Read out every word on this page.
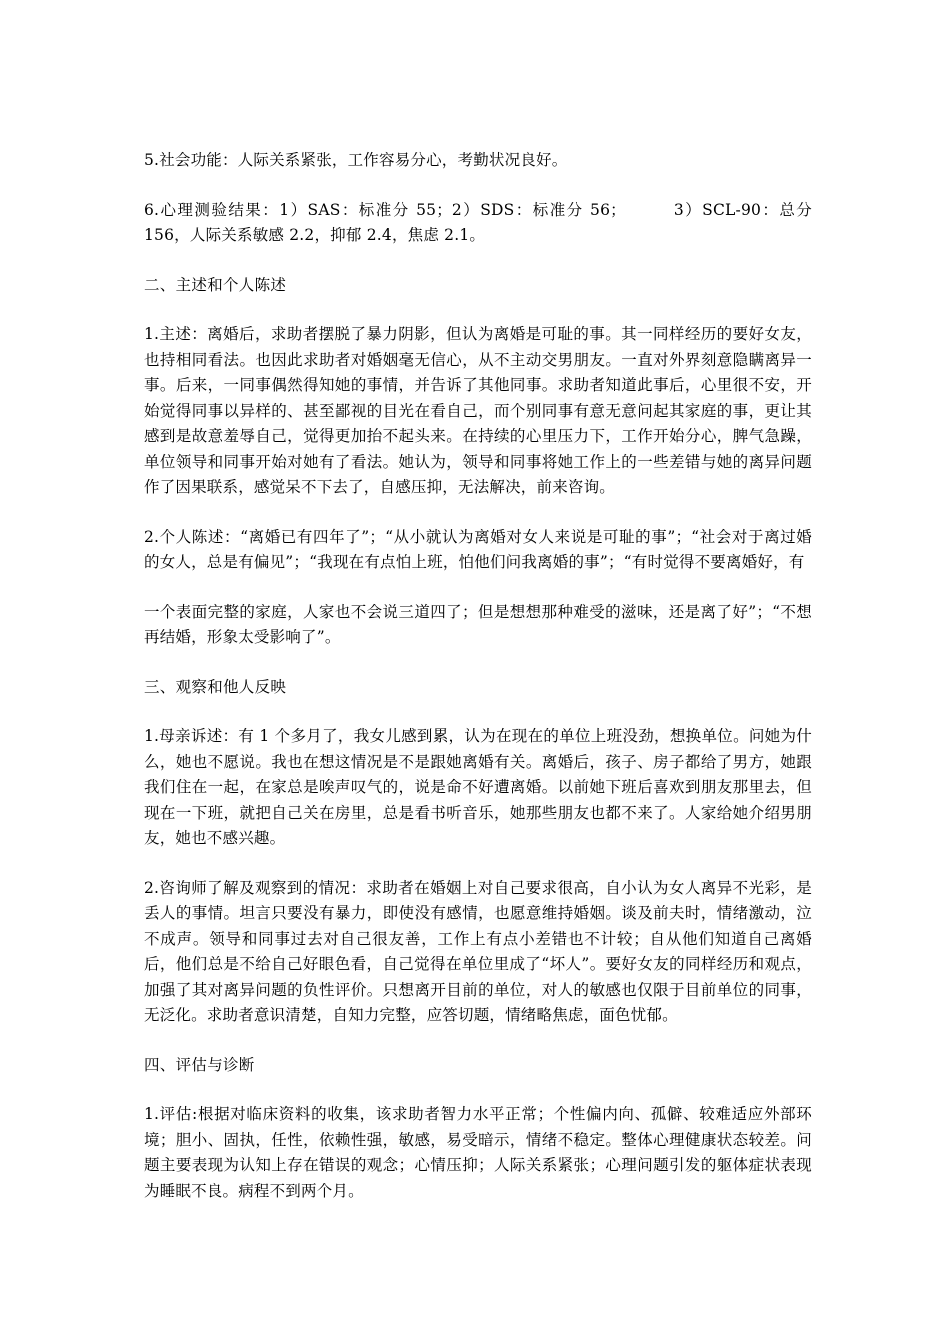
5.社会功能：人际关系紧张，工作容易分心，考勤状况良好。

6.心理测验结果：1）SAS：标准分 55；2）SDS：标准分 56；	3）SCL-90：总分 156，人际关系敏感 2.2，抑郁 2.4，焦虑 2.1。

二、主述和个人陈述

1.主述：离婚后，求助者摆脱了暴力阴影，但认为离婚是可耻的事。其一同样经历的要好女友，也持相同看法。也因此求助者对婚姻毫无信心，从不主动交男朋友。一直对外界刻意隐瞒离异一事。后来，一同事偶然得知她的事情，并告诉了其他同事。求助者知道此事后，心里很不安，开始觉得同事以异样的、甚至鄙视的目光在看自己，而个别同事有意无意问起其家庭的事，更让其感到是故意羞辱自己，觉得更加抬不起头来。在持续的心里压力下，工作开始分心，脾气急躁，单位领导和同事开始对她有了看法。她认为，领导和同事将她工作上的一些差错与她的离异问题作了因果联系，感觉呆不下去了，自感压抑，无法解决，前来咨询。

2.个人陈述：“离婚已有四年了”；“从小就认为离婚对女人来说是可耻的事”；“社会对于离过婚的女人，总是有偏见”；“我现在有点怕上班，怕他们问我离婚的事”；“有时觉得不要离婚好，有

一个表面完整的家庭，人家也不会说三道四了；但是想想那种难受的滋味，还是离了好”；“不想再结婚，形象太受影响了”。

三、观察和他人反映

1.母亲诉述：有 1 个多月了，我女儿感到累，认为在现在的单位上班没劲，想换单位。问她为什么，她也不愿说。我也在想这情况是不是跟她离婚有关。离婚后，孩子、房子都给了男方，她跟我们住在一起，在家总是唉声叹气的，说是命不好遭离婚。以前她下班后喜欢到朋友那里去，但现在一下班，就把自己关在房里，总是看书听音乐，她那些朋友也都不来了。人家给她介绍男朋友，她也不感兴趣。

2.咨询师了解及观察到的情况：求助者在婚姻上对自己要求很高，自小认为女人离异不光彩，是丢人的事情。坦言只要没有暴力，即使没有感情，也愿意维持婚姻。谈及前夫时，情绪激动，泣不成声。领导和同事过去对自己很友善，工作上有点小差错也不计较；自从他们知道自己离婚后，他们总是不给自己好眼色看，自己觉得在单位里成了“坏人”。要好女友的同样经历和观点，加强了其对离异问题的负性评价。只想离开目前的单位，对人的敏感也仅限于目前单位的同事，无泛化。求助者意识清楚，自知力完整，应答切题，情绪略焦虑，面色忧郁。

四、评估与诊断

1.评估:根据对临床资料的收集，该求助者智力水平正常；个性偏内向、孤僻、较难适应外部环境；胆小、固执，任性，依赖性强，敏感，易受暗示，情绪不稳定。整体心理健康状态较差。问题主要表现为认知上存在错误的观念；心情压抑；人际关系紧张；心理问题引发的躯体症状表现为睡眠不良。病程不到两个月。
